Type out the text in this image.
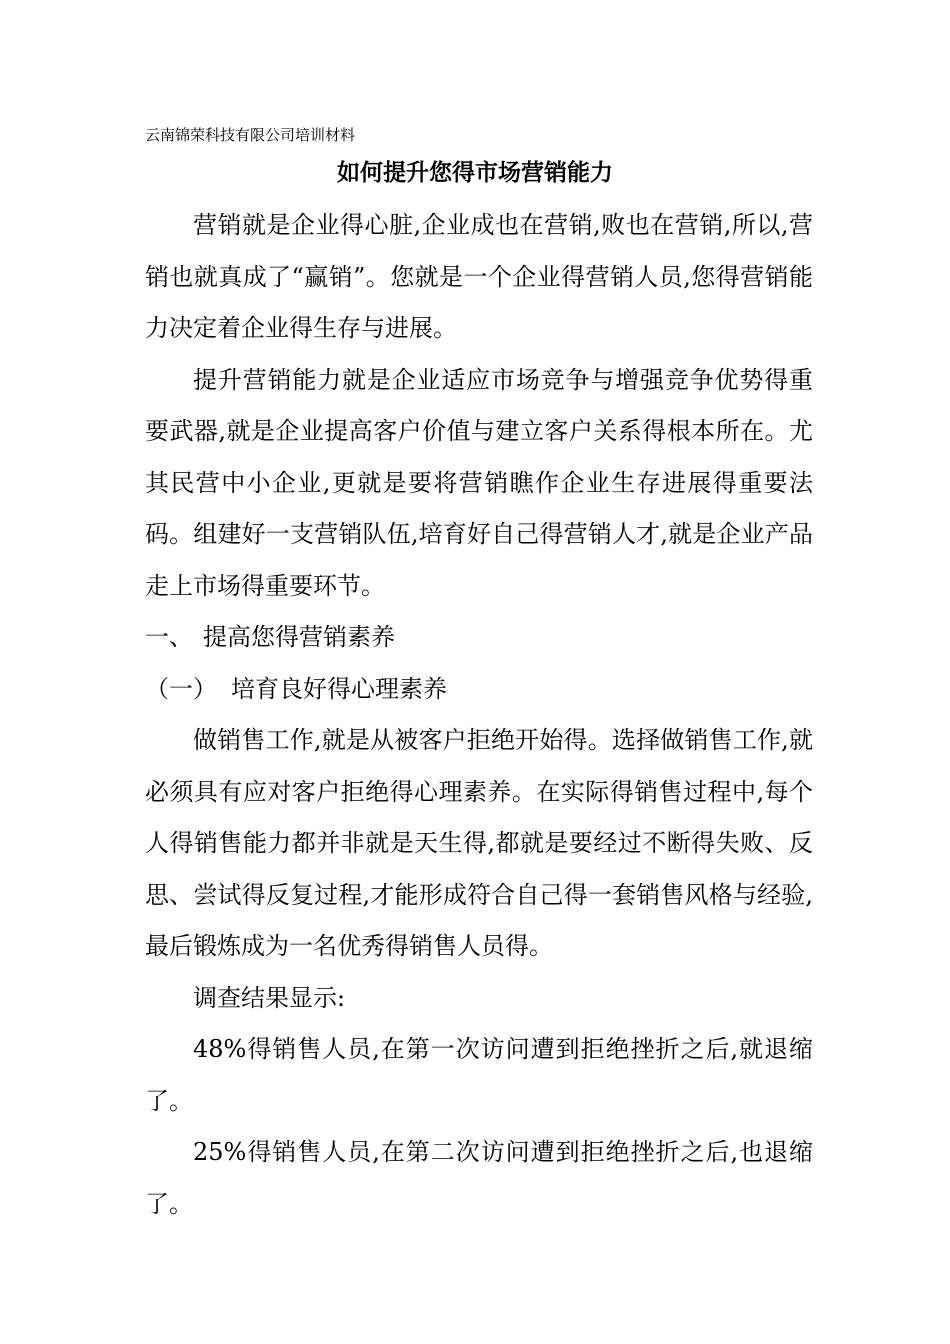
云南锦荣科技有限公司培训材料
如何提升您得市场营销能力

营销就是企业得心脏,企业成也在营销,败也在营销,所以,营销也就真成了“赢销”。您就是一个企业得营销人员,您得营销能力决定着企业得生存与进展。

提升营销能力就是企业适应市场竞争与增强竞争优势得重要武器,就是企业提高客户价值与建立客户关系得根本所在。尤其民营中小企业,更就是要将营销瞧作企业生存进展得重要法码。组建好一支营销队伍,培育好自己得营销人才,就是企业产品走上市场得重要环节。

一、 提高您得营销素养

（一） 培育良好得心理素养

做销售工作,就是从被客户拒绝开始得。选择做销售工作,就必须具有应对客户拒绝得心理素养。在实际得销售过程中,每个人得销售能力都并非就是天生得,都就是要经过不断得失败、反思、尝试得反复过程,才能形成符合自己得一套销售风格与经验,最后锻炼成为一名优秀得销售人员得。

调查结果显示:

48%得销售人员,在第一次访问遭到拒绝挫折之后,就退缩了。

25%得销售人员,在第二次访问遭到拒绝挫折之后,也退缩了。
